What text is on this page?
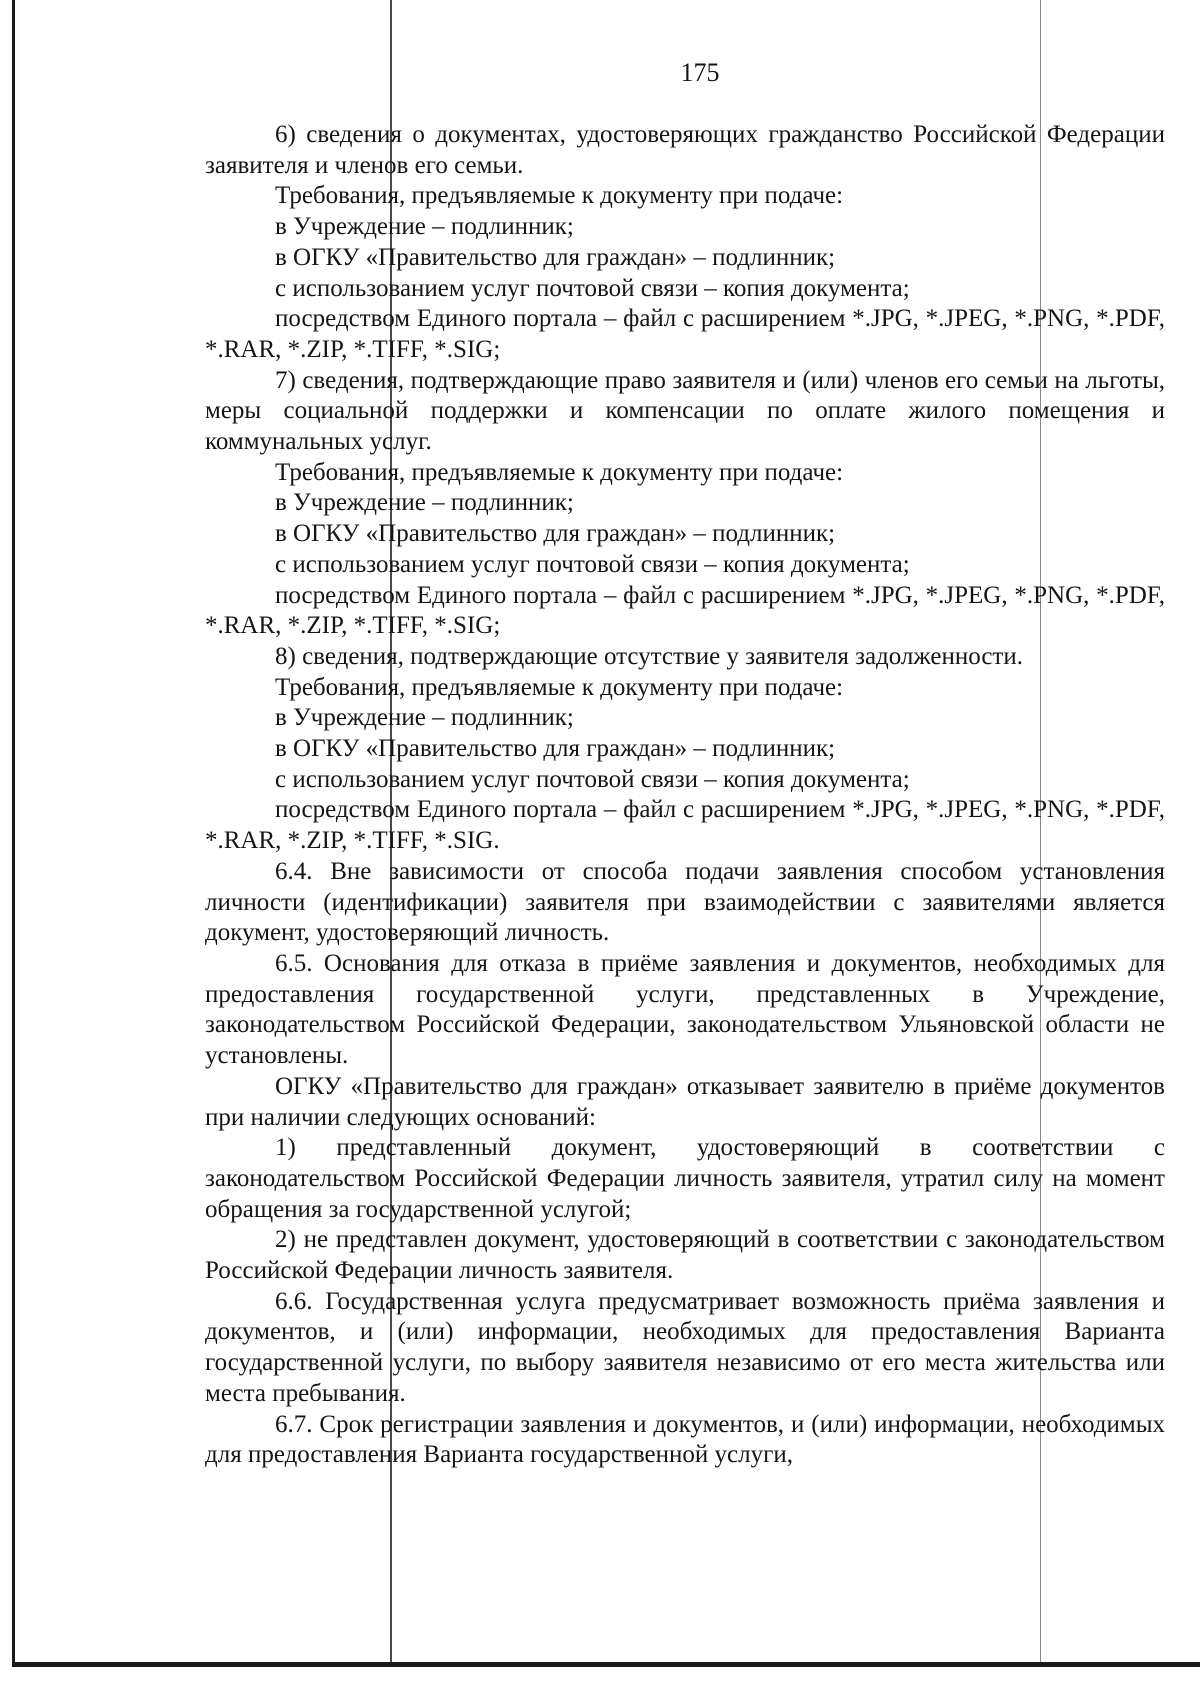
175

6) сведения о документах, удостоверяющих гражданство Российской Федерации заявителя и членов его семьи.

Требования, предъявляемые к документу при подаче:

в Учреждение – подлинник;

в ОГКУ «Правительство для граждан» – подлинник;

с использованием услуг почтовой связи – копия документа;

посредством Единого портала – файл с расширением *.JPG, *.JPEG, *.PNG, *.PDF, *.RAR, *.ZIP, *.TIFF, *.SIG;

7) сведения, подтверждающие право заявителя и (или) членов его семьи на льготы, меры социальной поддержки и компенсации по оплате жилого помещения и коммунальных услуг.

Требования, предъявляемые к документу при подаче:

в Учреждение – подлинник;

в ОГКУ «Правительство для граждан» – подлинник;

с использованием услуг почтовой связи – копия документа;

посредством Единого портала – файл с расширением *.JPG, *.JPEG, *.PNG, *.PDF, *.RAR, *.ZIP, *.TIFF, *.SIG;

8) сведения, подтверждающие отсутствие у заявителя задолженности.

Требования, предъявляемые к документу при подаче:

в Учреждение – подлинник;

в ОГКУ «Правительство для граждан» – подлинник;

с использованием услуг почтовой связи – копия документа;

посредством Единого портала – файл с расширением *.JPG, *.JPEG, *.PNG, *.PDF, *.RAR, *.ZIP, *.TIFF, *.SIG.

6.4. Вне зависимости от способа подачи заявления способом установления личности (идентификации) заявителя при взаимодействии с заявителями является документ, удостоверяющий личность.

6.5. Основания для отказа в приёме заявления и документов, необходимых для предоставления государственной услуги, представленных в Учреждение, законодательством Российской Федерации, законодательством Ульяновской области не установлены.

ОГКУ «Правительство для граждан» отказывает заявителю в приёме документов при наличии следующих оснований:

1) представленный документ, удостоверяющий в соответствии с законодательством Российской Федерации личность заявителя, утратил силу на момент обращения за государственной услугой;

2) не представлен документ, удостоверяющий в соответствии с законодательством Российской Федерации личность заявителя.

6.6. Государственная услуга предусматривает возможность приёма заявления и документов, и (или) информации, необходимых для предоставления Варианта государственной услуги, по выбору заявителя независимо от его места жительства или места пребывания.

6.7. Срок регистрации заявления и документов, и (или) информации, необходимых для предоставления Варианта государственной услуги,
